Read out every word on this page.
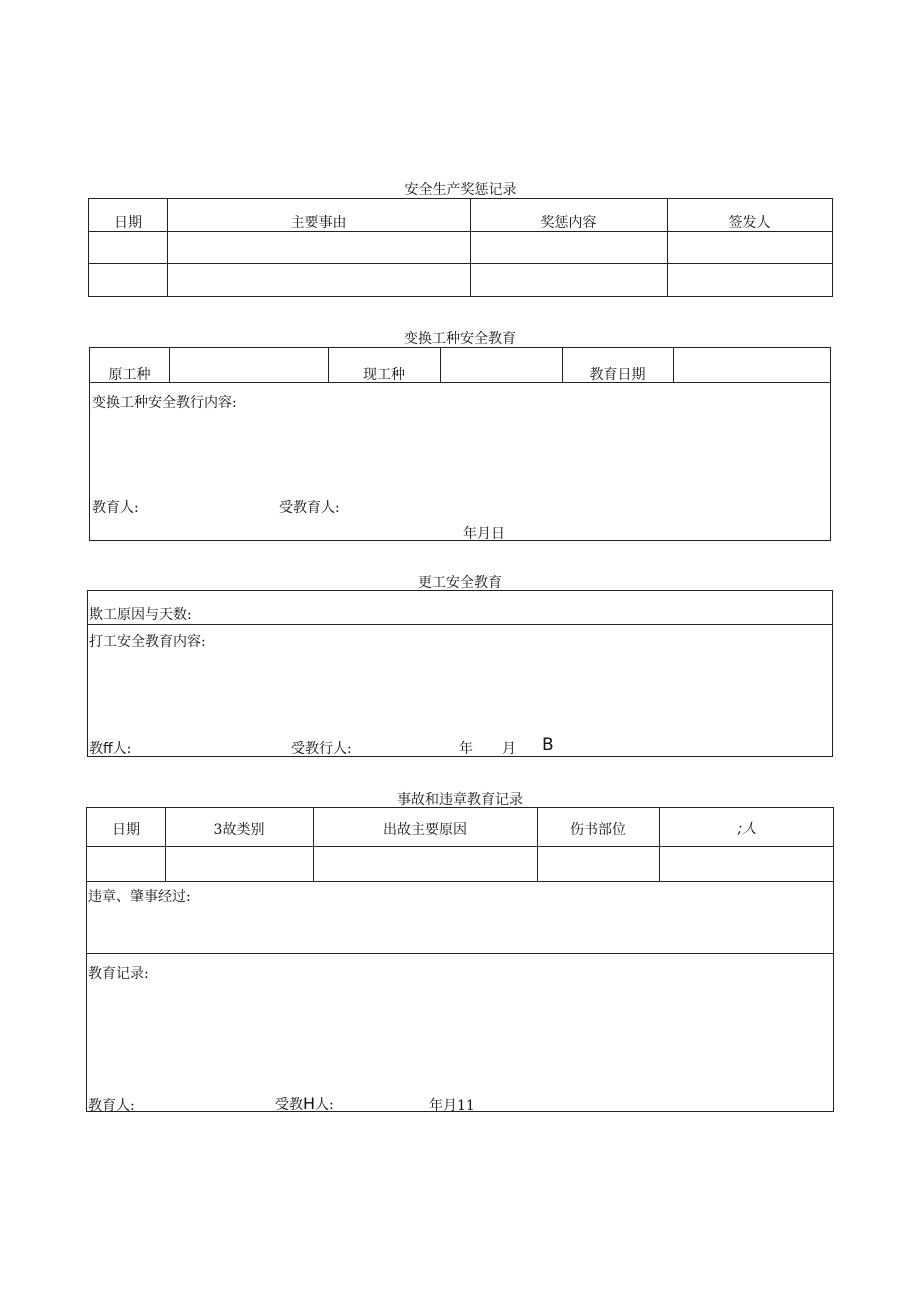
安全生产奖惩记录
日期	主要事由	奖惩内容	签发人
变换工种安全教育
原工种	现工种	教育日期
变换工种安全教行内容:
教育人:	受教育人:
年月日
更工安全教育
欺工原因与天数:
打工安全教育内容:
教ff人:	受教行人:	年 月 B
事故和违章教育记录
日期	3故类别	出故主要原因	伤书部位	;人
违章、肇事经过:
教育记录:
教育人:	受教H人:	年月11
